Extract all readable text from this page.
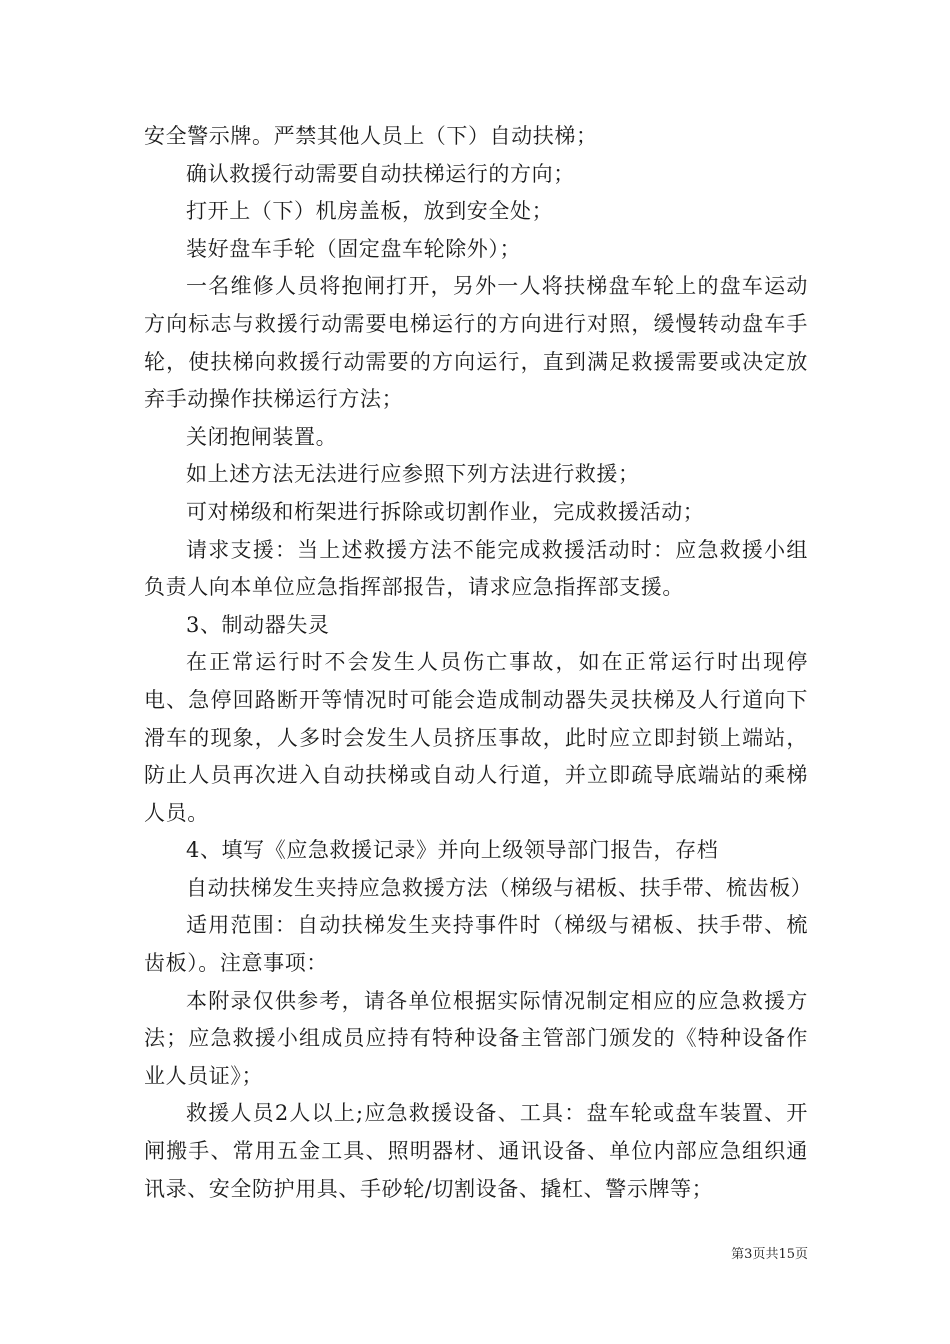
安全警示牌。严禁其他人员上（下）自动扶梯；

确认救援行动需要自动扶梯运行的方向；

打开上（下）机房盖板，放到安全处；

装好盘车手轮（固定盘车轮除外）；

一名维修人员将抱闸打开，另外一人将扶梯盘车轮上的盘车运动方向标志与救援行动需要电梯运行的方向进行对照，缓慢转动盘车手轮，使扶梯向救援行动需要的方向运行，直到满足救援需要或决定放弃手动操作扶梯运行方法；

关闭抱闸装置。

如上述方法无法进行应参照下列方法进行救援；

可对梯级和桁架进行拆除或切割作业，完成救援活动；

请求支援：当上述救援方法不能完成救援活动时：应急救援小组负责人向本单位应急指挥部报告，请求应急指挥部支援。

3、制动器失灵

在正常运行时不会发生人员伤亡事故，如在正常运行时出现停电、急停回路断开等情况时可能会造成制动器失灵扶梯及人行道向下滑车的现象，人多时会发生人员挤压事故，此时应立即封锁上端站，防止人员再次进入自动扶梯或自动人行道，并立即疏导底端站的乘梯人员。

4、填写《应急救援记录》并向上级领导部门报告，存档

自动扶梯发生夹持应急救援方法（梯级与裙板、扶手带、梳齿板）

适用范围：自动扶梯发生夹持事件时（梯级与裙板、扶手带、梳齿板）。注意事项：

本附录仅供参考，请各单位根据实际情况制定相应的应急救援方法；应急救援小组成员应持有特种设备主管部门颁发的《特种设备作业人员证》；

救援人员2人以上;应急救援设备、工具：盘车轮或盘车装置、开闸搬手、常用五金工具、照明器材、通讯设备、单位内部应急组织通讯录、安全防护用具、手砂轮/切割设备、撬杠、警示牌等；

第3页共15页
